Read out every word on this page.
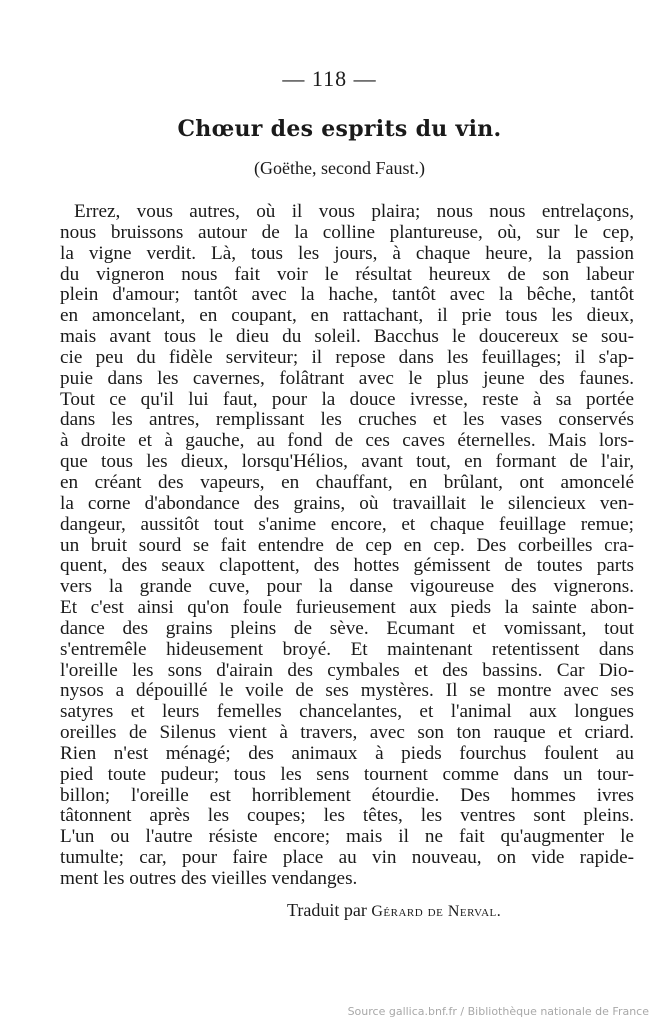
— 118 —
Chœur des esprits du vin.
(Goëthe, second Faust.)
Errez, vous autres, où il vous plaira; nous nous entrelaçons,
nous bruissons autour de la colline plantureuse, où, sur le cep,
la vigne verdit. Là, tous les jours, à chaque heure, la passion
du vigneron nous fait voir le résultat heureux de son labeur
plein d'amour; tantôt avec la hache, tantôt avec la bêche, tantôt
en amoncelant, en coupant, en rattachant, il prie tous les dieux,
mais avant tous le dieu du soleil. Bacchus le doucereux se sou-
cie peu du fidèle serviteur; il repose dans les feuillages; il s'ap-
puie dans les cavernes, folâtrant avec le plus jeune des faunes.
Tout ce qu'il lui faut, pour la douce ivresse, reste à sa portée
dans les antres, remplissant les cruches et les vases conservés
à droite et à gauche, au fond de ces caves éternelles. Mais lors-
que tous les dieux, lorsqu'Hélios, avant tout, en formant de l'air,
en créant des vapeurs, en chauffant, en brûlant, ont amoncelé
la corne d'abondance des grains, où travaillait le silencieux ven-
dangeur, aussitôt tout s'anime encore, et chaque feuillage remue;
un bruit sourd se fait entendre de cep en cep. Des corbeilles cra-
quent, des seaux clapottent, des hottes gémissent de toutes parts
vers la grande cuve, pour la danse vigoureuse des vignerons.
Et c'est ainsi qu'on foule furieusement aux pieds la sainte abon-
dance des grains pleins de sève. Ecumant et vomissant, tout
s'entremêle hideusement broyé. Et maintenant retentissent dans
l'oreille les sons d'airain des cymbales et des bassins. Car Dio-
nysos a dépouillé le voile de ses mystères. Il se montre avec ses
satyres et leurs femelles chancelantes, et l'animal aux longues
oreilles de Silenus vient à travers, avec son ton rauque et criard.
Rien n'est ménagé; des animaux à pieds fourchus foulent au
pied toute pudeur; tous les sens tournent comme dans un tour-
billon; l'oreille est horriblement étourdie. Des hommes ivres
tâtonnent après les coupes; les têtes, les ventres sont pleins.
L'un ou l'autre résiste encore; mais il ne fait qu'augmenter le
tumulte; car, pour faire place au vin nouveau, on vide rapide-
ment les outres des vieilles vendanges.
Traduit par Gérard de Nerval.
Source gallica.bnf.fr / Bibliothèque nationale de France
